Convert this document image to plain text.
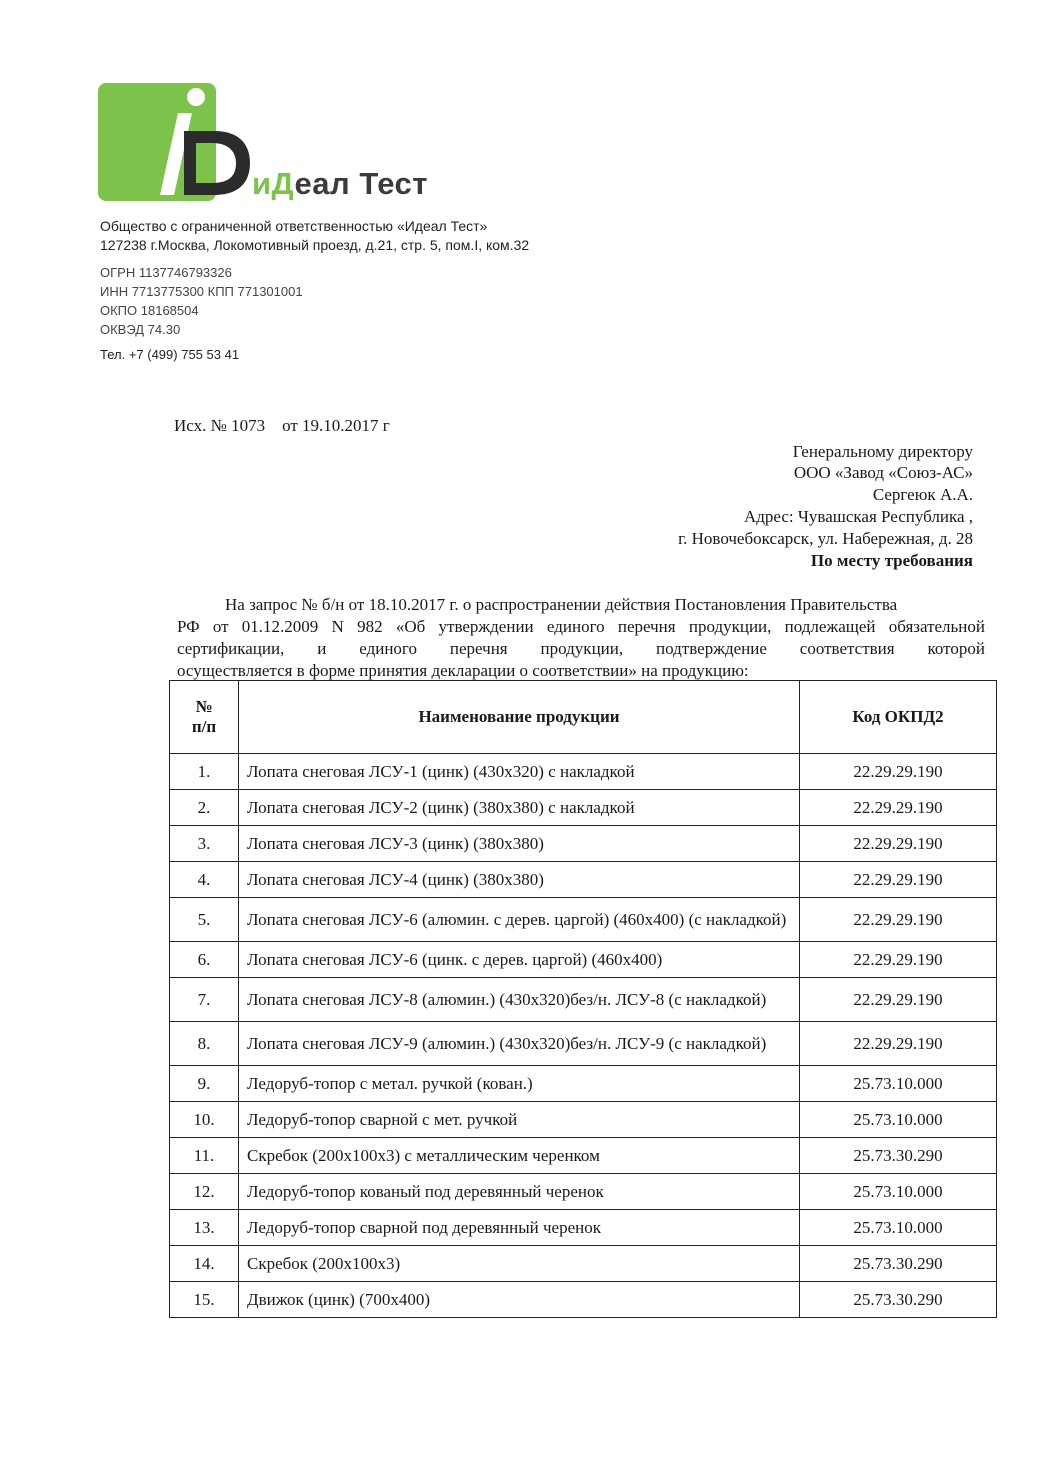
иДеал Тест
Общество с ограниченной ответственностью «Идеал Тест»
127238 г.Москва, Локомотивный проезд, д.21, стр. 5, пом.I, ком.32
ОГРН 1137746793326
ИНН 7713775300 КПП 771301001
ОКПО 18168504
ОКВЭД 74.30
Тел. +7 (499) 755 53 41
Исх. № 1073 от 19.10.2017 г
Генеральному директору
ООО «Завод «Союз-АС»
Сергеюк А.А.
Адрес: Чувашская Республика ,
г. Новочебоксарск, ул. Набережная, д. 28
По месту требования
На запрос № б/н от 18.10.2017 г. о распространении действия Постановления Правительства
РФ от 01.12.2009 N 982 «Об утверждении единого перечня продукции, подлежащей обязательной
сертификации, и единого перечня продукции, подтверждение соответствия которой
осуществляется в форме принятия декларации о соответствии» на продукцию:
№
п/п	Наименование продукции	Код ОКПД2
1.	Лопата снеговая ЛСУ-1 (цинк) (430х320) с накладкой	22.29.29.190
2.	Лопата снеговая ЛСУ-2 (цинк) (380х380) с накладкой	22.29.29.190
3.	Лопата снеговая ЛСУ-3 (цинк) (380х380)	22.29.29.190
4.	Лопата снеговая ЛСУ-4 (цинк) (380х380)	22.29.29.190
5.	Лопата снеговая ЛСУ-6 (алюмин. с дерев. царгой) (460х400) (с накладкой)	22.29.29.190
6.	Лопата снеговая ЛСУ-6 (цинк. с дерев. царгой) (460х400)	22.29.29.190
7.	Лопата снеговая ЛСУ-8 (алюмин.) (430х320)без/н. ЛСУ-8 (с накладкой)	22.29.29.190
8.	Лопата снеговая ЛСУ-9 (алюмин.) (430х320)без/н. ЛСУ-9 (с накладкой)	22.29.29.190
9.	Ледоруб-топор с метал. ручкой (кован.)	25.73.10.000
10.	Ледоруб-топор сварной с мет. ручкой	25.73.10.000
11.	Скребок (200х100х3) с металлическим черенком	25.73.30.290
12.	Ледоруб-топор кованый под деревянный черенок	25.73.10.000
13.	Ледоруб-топор сварной под деревянный черенок	25.73.10.000
14.	Скребок (200х100х3)	25.73.30.290
15.	Движок (цинк) (700х400)	25.73.30.290
